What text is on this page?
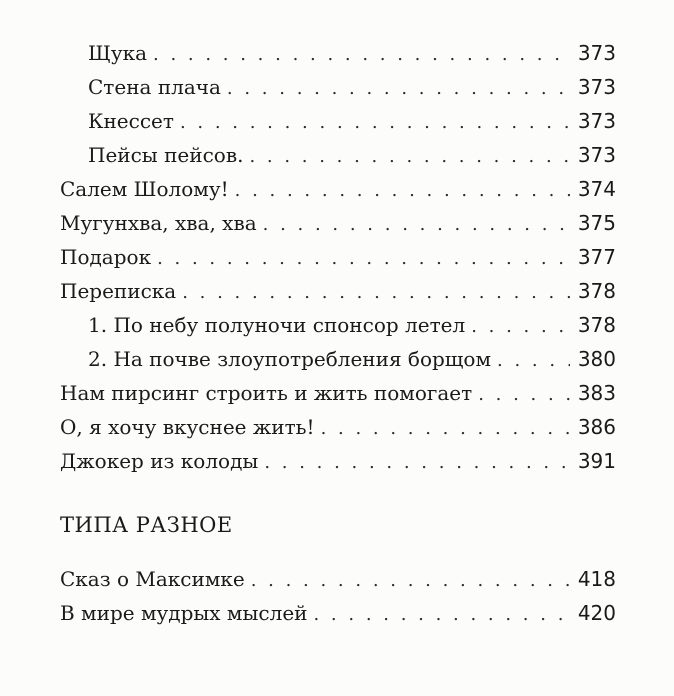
Щука . . .	373
Стена плача . . .	373
Кнессет . . .	373
Пейсы пейсов. . . .	373
Салем Шолому! . . .	374
Мугунхва, хва, хва . . .	375
Подарок . . .	377
Переписка . . .	378
1. По небу полуночи спонсор летел . . .	378
2. На почве злоупотребления борщом . . .	380
Нам пирсинг строить и жить помогает . . .	383
О, я хочу вкуснее жить! . . .	386
Джокер из колоды . . .	391
ТИПА РАЗНОЕ
Сказ о Максимке . . .	418
В мире мудрых мыслей . . .	420
